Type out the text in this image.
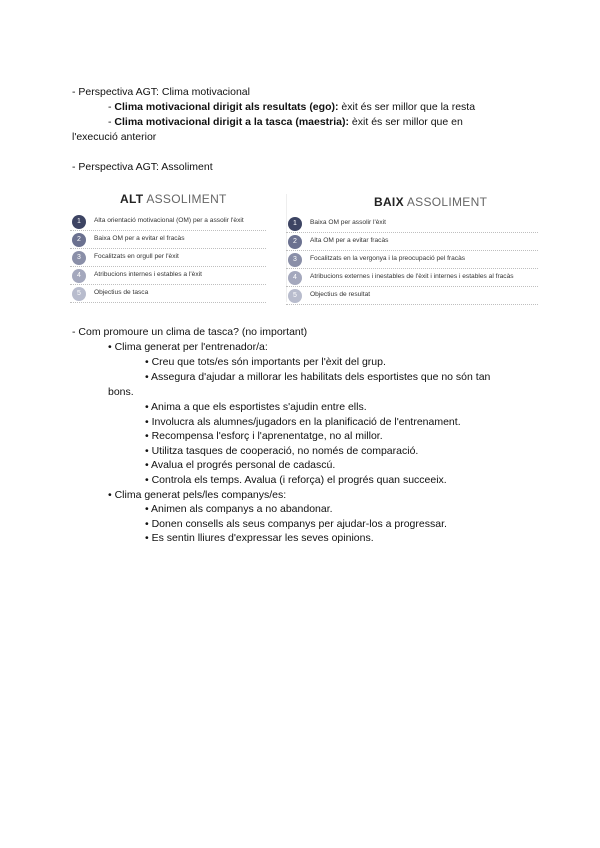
- Perspectiva AGT: Clima motivacional
- Clima motivacional dirigit als resultats (ego): èxit és ser millor que la resta
- Clima motivacional dirigit a la tasca (maestria): èxit és ser millor que en
l'execució anterior
- Perspectiva AGT: Assoliment
ALT ASSOLIMENT
1	Alta orientació motivacional (OM) per a assolir l'èxit
2	Baixa OM per a evitar el fracàs
3	Focalitzats en orgull per l'èxit
4	Atribucions internes i estables a l'èxit
5	Objectius de tasca
BAIX ASSOLIMENT
1	Baixa OM per assolir l'èxit
2	Alta OM per a evitar fracàs
3	Focalitzats en la vergonya i la preocupació pel fracàs
4	Atribucions externes i inestables de l'èxit i internes i estables al fracàs
5	Objectius de resultat
- Com promoure un clima de tasca? (no important)
• Clima generat per l'entrenador/a:
• Creu que tots/es són importants per l'èxit del grup.
• Assegura d'ajudar a millorar les habilitats dels esportistes que no són tan
bons.
• Anima a que els esportistes s'ajudin entre ells.
• Involucra als alumnes/jugadors en la planificació de l'entrenament.
• Recompensa l'esforç i l'aprenentatge, no al millor.
• Utilitza tasques de cooperació, no només de comparació.
• Avalua el progrés personal de cadascú.
• Controla els temps. Avalua (i reforça) el progrés quan succeeix.
• Clima generat pels/les companys/es:
• Animen als companys a no abandonar.
• Donen consells als seus companys per ajudar-los a progressar.
• Es sentin lliures d'expressar les seves opinions.
